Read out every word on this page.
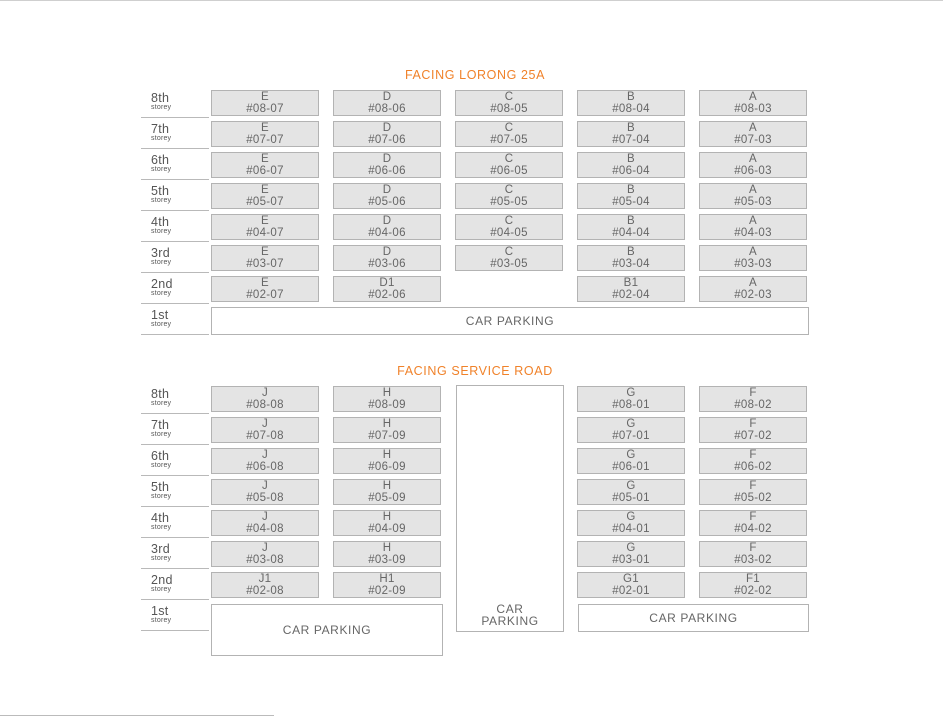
FACING LORONG 25A
CAR PARKING
8th
storey
E
#08-07
D
#08-06
C
#08-05
B
#08-04
A
#08-03
7th
storey
E
#07-07
D
#07-06
C
#07-05
B
#07-04
A
#07-03
6th
storey
E
#06-07
D
#06-06
C
#06-05
B
#06-04
A
#06-03
5th
storey
E
#05-07
D
#05-06
C
#05-05
B
#05-04
A
#05-03
4th
storey
E
#04-07
D
#04-06
C
#04-05
B
#04-04
A
#04-03
3rd
storey
E
#03-07
D
#03-06
C
#03-05
B
#03-04
A
#03-03
2nd
storey
E
#02-07
D1
#02-06
B1
#02-04
A
#02-03
1st
storey
FACING SERVICE ROAD
CAR
PARKING
CAR PARKING
CAR PARKING
8th
storey
J
#08-08
H
#08-09
G
#08-01
F
#08-02
7th
storey
J
#07-08
H
#07-09
G
#07-01
F
#07-02
6th
storey
J
#06-08
H
#06-09
G
#06-01
F
#06-02
5th
storey
J
#05-08
H
#05-09
G
#05-01
F
#05-02
4th
storey
J
#04-08
H
#04-09
G
#04-01
F
#04-02
3rd
storey
J
#03-08
H
#03-09
G
#03-01
F
#03-02
2nd
storey
J1
#02-08
H1
#02-09
G1
#02-01
F1
#02-02
1st
storey
